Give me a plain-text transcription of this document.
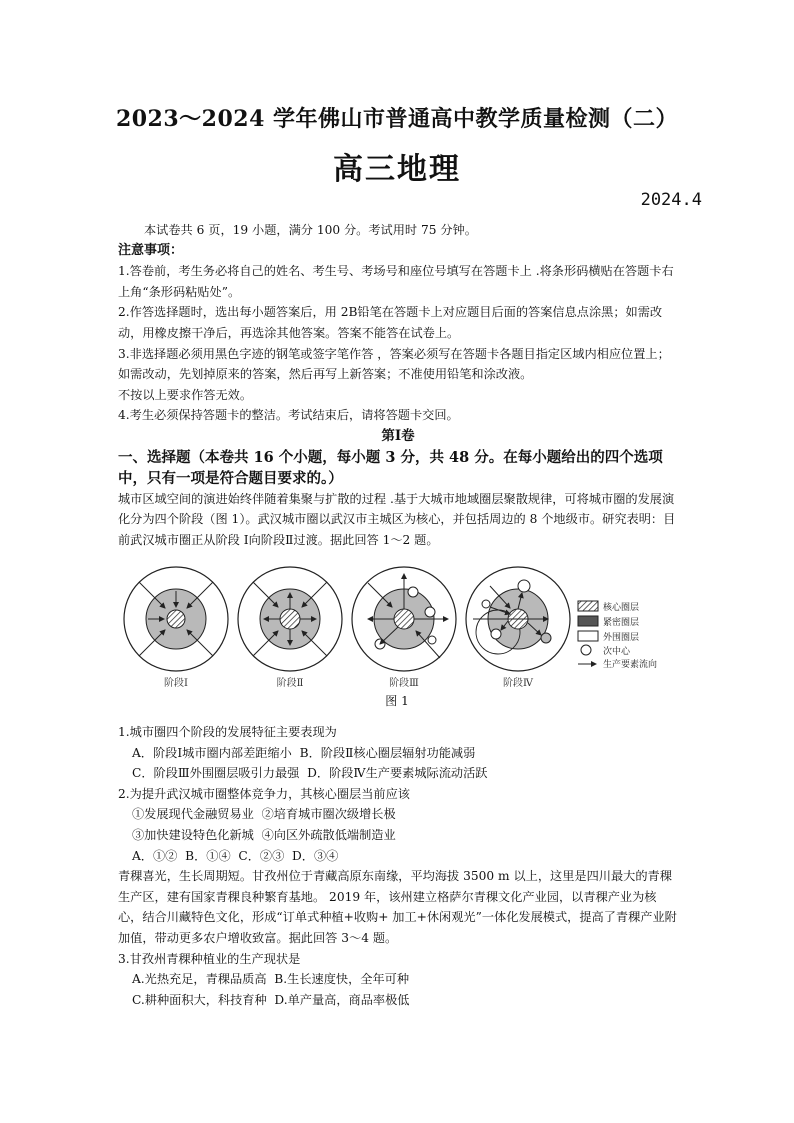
2023～2024 学年佛山市普通高中教学质量检测（二）
高三地理
2024.4

本试卷共 6 页，19 小题，满分 100 分。考试用时 75 分钟。

注意事项：

1.答卷前，考生务必将自己的姓名、考生号、考场号和座位号填写在答题卡上 .将条形码横贴在答题卡右上角“条形码粘贴处”。

2.作答选择题时，选出每小题答案后，用 2B铅笔在答题卡上对应题目后面的答案信息点涂黑；如需改动，用橡皮擦干净后，再选涂其他答案。答案不能答在试卷上。

3.非选择题必须用黑色字迹的钢笔或签字笔作答 ，答案必须写在答题卡各题目指定区域内相应位置上；如需改动，先划掉原来的答案，然后再写上新答案；不准使用铅笔和涂改液。

不按以上要求作答无效。

4.考生必须保持答题卡的整洁。考试结束后，请将答题卡交回。

第Ⅰ卷

一、选择题（本卷共 16 个小题，每小题 3 分，共 48 分。在每小题给出的四个选项中，只有一项是符合题目要求的。）

城市区域空间的演进始终伴随着集聚与扩散的过程 .基于大城市地域圈层聚散规律，可将城市圈的发展演化分为四个阶段（图 1）。武汉城市圈以武汉市主城区为核心，并包括周边的 8 个地级市。研究表明：目前武汉城市圈正从阶段 Ⅰ向阶段Ⅱ过渡。据此回答 1～2 题。

核心圈层
紧密圈层
外围圈层
次中心
生产要素流向
阶段Ⅰ	阶段Ⅱ	阶段Ⅲ	阶段Ⅳ
图 1

1.城市圈四个阶段的发展特征主要表现为

A．阶段Ⅰ城市圈内部差距缩小  B．阶段Ⅱ核心圈层辐射功能减弱

C．阶段Ⅲ外围圈层吸引力最强  D．阶段Ⅳ生产要素城际流动活跃

2.为提升武汉城市圈整体竞争力，其核心圈层当前应该

①发展现代金融贸易业  ②培育城市圈次级增长极

③加快建设特色化新城  ④向区外疏散低端制造业

A．①②  B．①④  C．②③  D．③④

青稞喜光，生长周期短。甘孜州位于青藏高原东南缘，平均海拔 3500 m 以上，这里是四川最大的青稞生产区，建有国家青稞良种繁育基地。 2019 年，该州建立格萨尔青稞文化产业园，以青稞产业为核心，结合川藏特色文化，形成“订单式种植+收购+ 加工+休闲观光”一体化发展模式，提高了青稞产业附加值，带动更多农户增收致富。据此回答 3～4 题。

3.甘孜州青稞种植业的生产现状是

A.光热充足，青稞品质高  B.生长速度快，全年可种

C.耕种面积大，科技育种  D.单产量高，商品率极低
